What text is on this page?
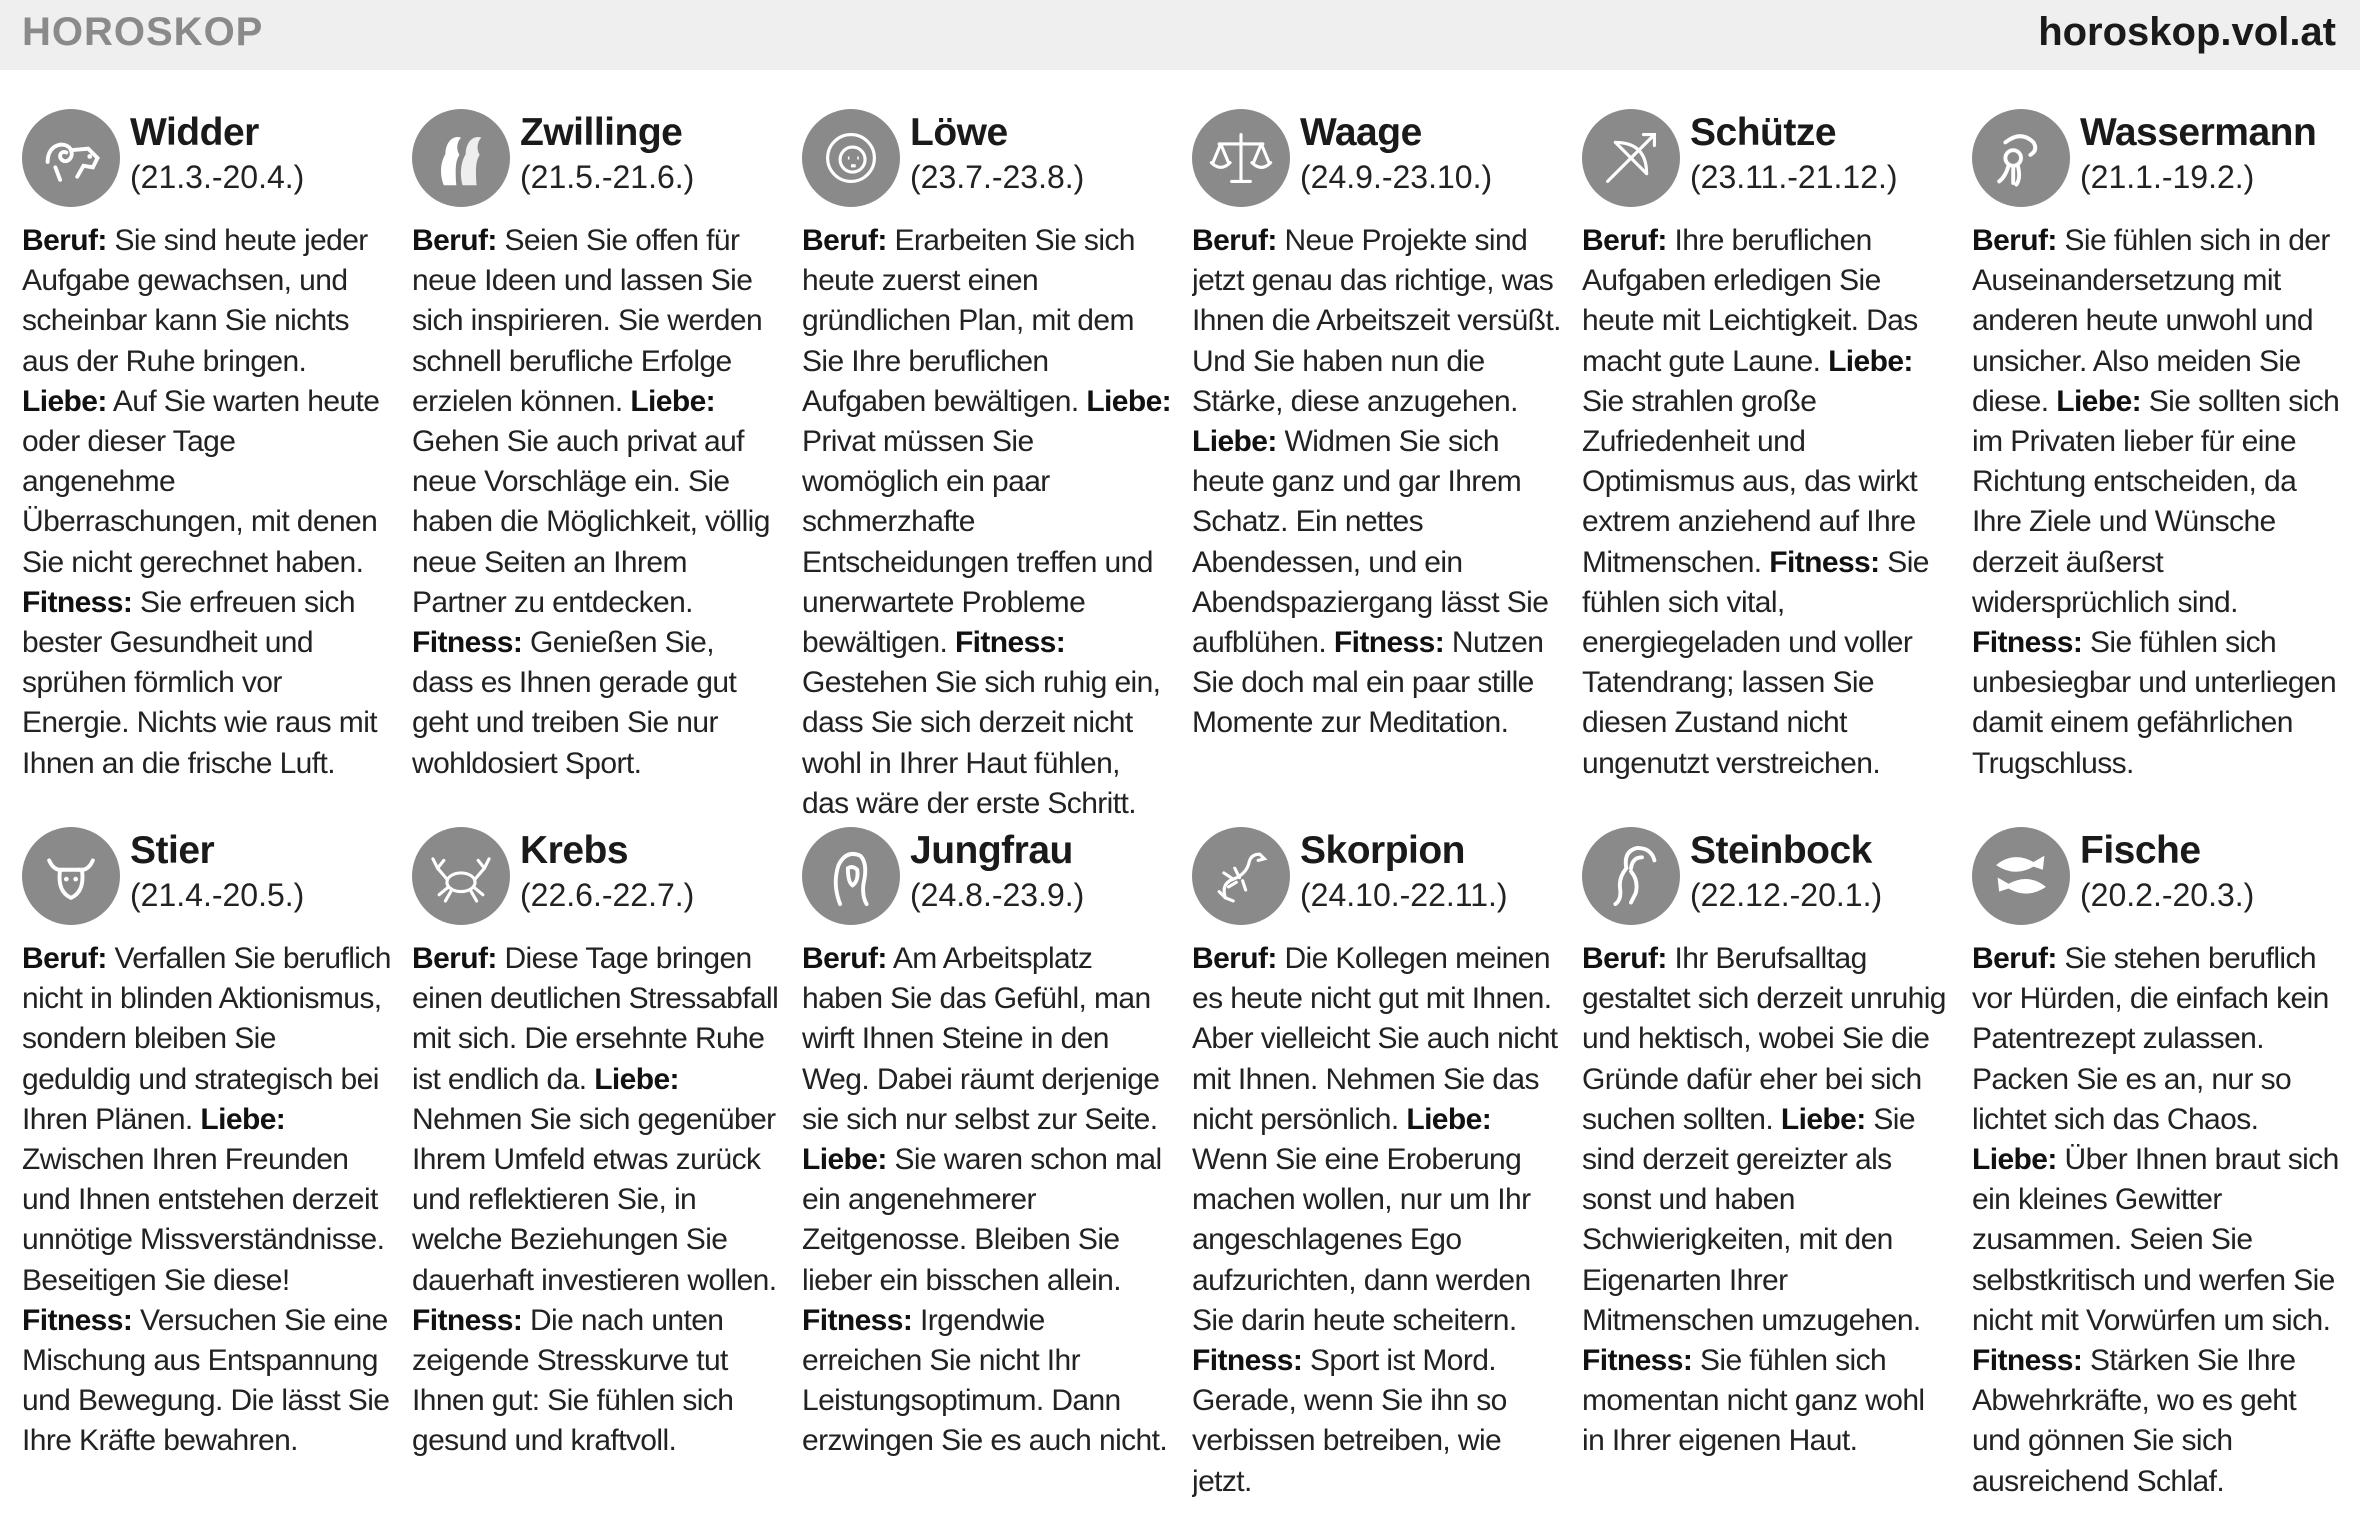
HOROSKOP	horoskop.vol.at
Widder
(21.3.-20.4.)
Beruf: Sie sind heute jeder Aufgabe gewachsen, und scheinbar kann Sie nichts aus der Ruhe bringen. Liebe: Auf Sie warten heute oder dieser Tage angenehme Überraschungen, mit denen Sie nicht gerechnet haben. Fitness: Sie erfreuen sich bester Gesundheit und sprühen förmlich vor Energie. Nichts wie raus mit Ihnen an die frische Luft.
Zwillinge
(21.5.-21.6.)
Beruf: Seien Sie offen für neue Ideen und lassen Sie sich inspirieren. Sie werden schnell berufliche Erfolge erzielen können. Liebe: Gehen Sie auch privat auf neue Vorschläge ein. Sie haben die Möglichkeit, völlig neue Seiten an Ihrem Partner zu entdecken. Fitness: Genießen Sie, dass es Ihnen gerade gut geht und treiben Sie nur wohldosiert Sport.
Löwe
(23.7.-23.8.)
Beruf: Erarbeiten Sie sich heute zuerst einen gründlichen Plan, mit dem Sie Ihre beruflichen Aufgaben bewältigen. Liebe: Privat müssen Sie womöglich ein paar schmerzhafte Entscheidungen treffen und unerwartete Probleme bewältigen. Fitness: Gestehen Sie sich ruhig ein, dass Sie sich derzeit nicht wohl in Ihrer Haut fühlen, das wäre der erste Schritt.
Waage
(24.9.-23.10.)
Beruf: Neue Projekte sind jetzt genau das richtige, was Ihnen die Arbeitszeit versüßt. Und Sie haben nun die Stärke, diese anzugehen. Liebe: Widmen Sie sich heute ganz und gar Ihrem Schatz. Ein nettes Abendessen, und ein Abendspaziergang lässt Sie aufblühen. Fitness: Nutzen Sie doch mal ein paar stille Momente zur Meditation.
Schütze
(23.11.-21.12.)
Beruf: Ihre beruflichen Aufgaben erledigen Sie heute mit Leichtigkeit. Das macht gute Laune. Liebe: Sie strahlen große Zufriedenheit und Optimismus aus, das wirkt extrem anziehend auf Ihre Mitmenschen. Fitness: Sie fühlen sich vital, energiegeladen und voller Tatendrang; lassen Sie diesen Zustand nicht ungenutzt verstreichen.
Wassermann
(21.1.-19.2.)
Beruf: Sie fühlen sich in der Auseinandersetzung mit anderen heute unwohl und unsicher. Also meiden Sie diese. Liebe: Sie sollten sich im Privaten lieber für eine Richtung entscheiden, da Ihre Ziele und Wünsche derzeit äußerst widersprüchlich sind. Fitness: Sie fühlen sich unbesiegbar und unterliegen damit einem gefährlichen Trugschluss.
Stier
(21.4.-20.5.)
Beruf: Verfallen Sie beruflich nicht in blinden Aktionismus, sondern bleiben Sie geduldig und strategisch bei Ihren Plänen. Liebe: Zwischen Ihren Freunden und Ihnen entstehen derzeit unnötige Missverständnisse. Beseitigen Sie diese! Fitness: Versuchen Sie eine Mischung aus Entspannung und Bewegung. Die lässt Sie Ihre Kräfte bewahren.
Krebs
(22.6.-22.7.)
Beruf: Diese Tage bringen einen deutlichen Stressabfall mit sich. Die ersehnte Ruhe ist endlich da. Liebe: Nehmen Sie sich gegenüber Ihrem Umfeld etwas zurück und reflektieren Sie, in welche Beziehungen Sie dauerhaft investieren wollen. Fitness: Die nach unten zeigende Stresskurve tut Ihnen gut: Sie fühlen sich gesund und kraftvoll.
Jungfrau
(24.8.-23.9.)
Beruf: Am Arbeitsplatz haben Sie das Gefühl, man wirft Ihnen Steine in den Weg. Dabei räumt derjenige sie sich nur selbst zur Seite. Liebe: Sie waren schon mal ein angenehmerer Zeitgenosse. Bleiben Sie lieber ein bisschen allein. Fitness: Irgendwie erreichen Sie nicht Ihr Leistungsoptimum. Dann erzwingen Sie es auch nicht.
Skorpion
(24.10.-22.11.)
Beruf: Die Kollegen meinen es heute nicht gut mit Ihnen. Aber vielleicht Sie auch nicht mit Ihnen. Nehmen Sie das nicht persönlich. Liebe: Wenn Sie eine Eroberung machen wollen, nur um Ihr angeschlagenes Ego aufzurichten, dann werden Sie darin heute scheitern. Fitness: Sport ist Mord. Gerade, wenn Sie ihn so verbissen betreiben, wie jetzt.
Steinbock
(22.12.-20.1.)
Beruf: Ihr Berufsalltag gestaltet sich derzeit unruhig und hektisch, wobei Sie die Gründe dafür eher bei sich suchen sollten. Liebe: Sie sind derzeit gereizter als sonst und haben Schwierigkeiten, mit den Eigenarten Ihrer Mitmenschen umzugehen. Fitness: Sie fühlen sich momentan nicht ganz wohl in Ihrer eigenen Haut.
Fische
(20.2.-20.3.)
Beruf: Sie stehen beruflich vor Hürden, die einfach kein Patentrezept zulassen. Packen Sie es an, nur so lichtet sich das Chaos. Liebe: Über Ihnen braut sich ein kleines Gewitter zusammen. Seien Sie selbstkritisch und werfen Sie nicht mit Vorwürfen um sich. Fitness: Stärken Sie Ihre Abwehrkräfte, wo es geht und gönnen Sie sich ausreichend Schlaf.
